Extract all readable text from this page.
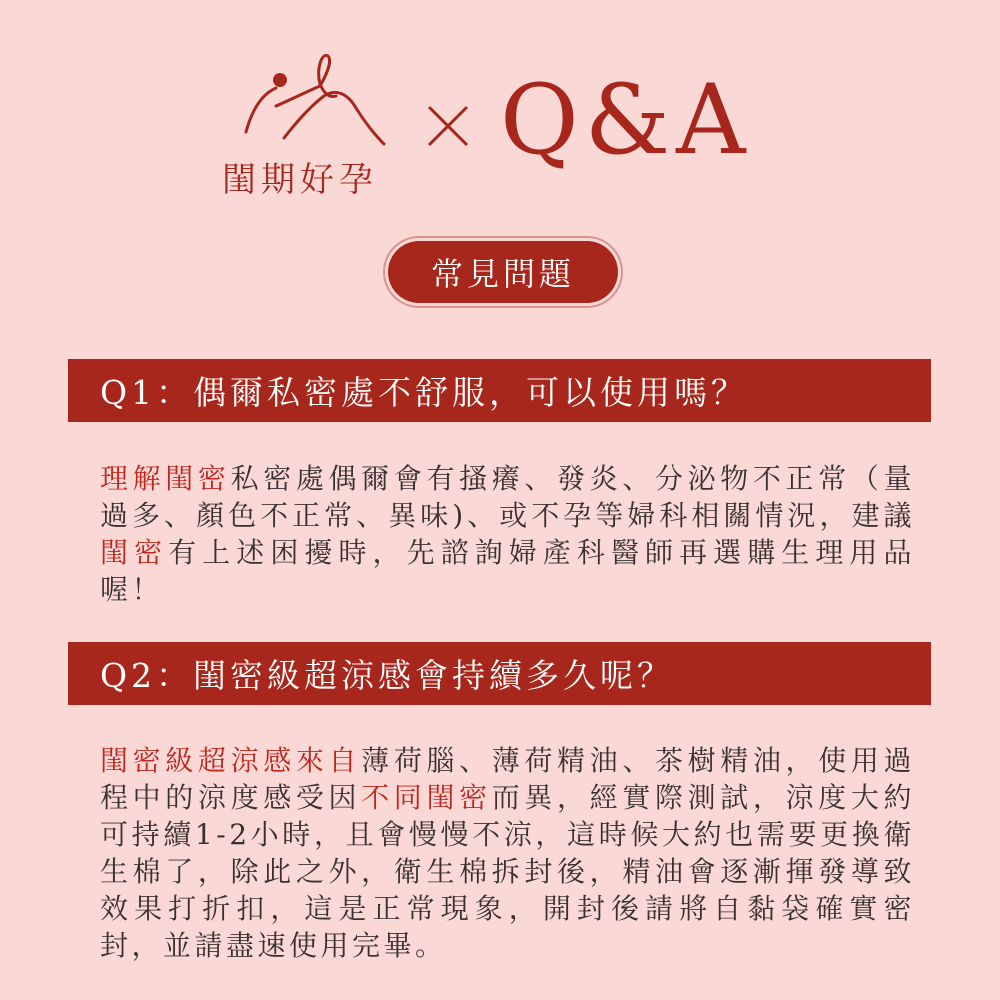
閨期好孕
Q&A
常見問題
Q1：偶爾私密處不舒服，可以使用嗎？
理解閨密私密處偶爾會有搔癢、發炎、分泌物不正常（量過多、顏色不正常、異味)、或不孕等婦科相關情況，建議閨密有上述困擾時，先諮詢婦產科醫師再選購生理用品喔！
Q2：閨密級超涼感會持續多久呢？
閨密級超涼感來自薄荷腦、薄荷精油、茶樹精油，使用過程中的涼度感受因不同閨密而異，經實際測試，涼度大約可持續1-2小時，且會慢慢不涼，這時候大約也需要更換衛生棉了，除此之外，衛生棉拆封後，精油會逐漸揮發導致效果打折扣，這是正常現象，開封後請將自黏袋確實密封，並請盡速使用完畢。
